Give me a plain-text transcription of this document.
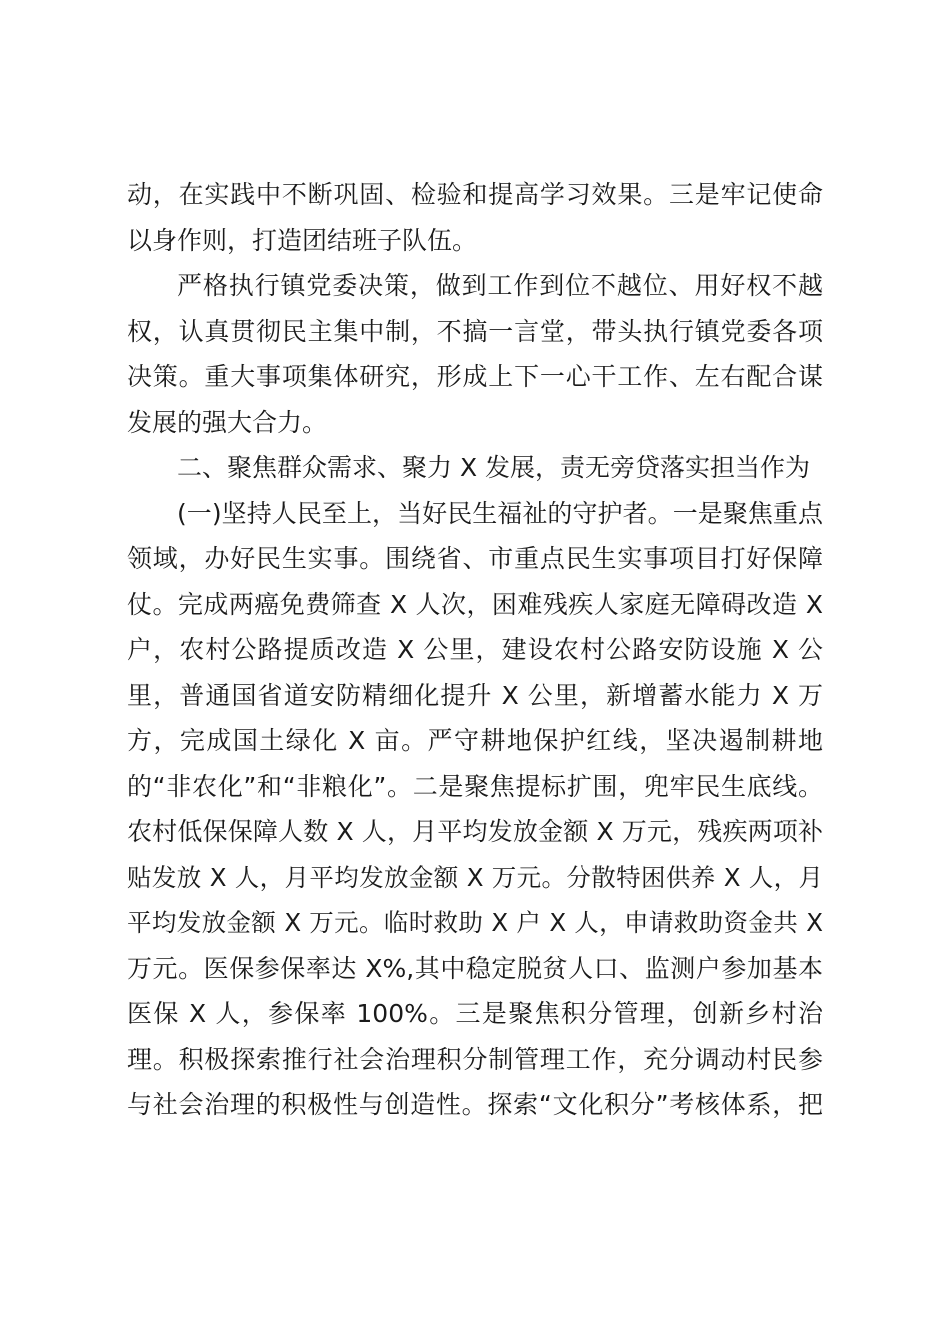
动，在实践中不断巩固、检验和提高学习效果。三是牢记使命
以身作则，打造团结班子队伍。
严格执行镇党委决策，做到工作到位不越位、用好权不越
权，认真贯彻民主集中制，不搞一言堂，带头执行镇党委各项
决策。重大事项集体研究，形成上下一心干工作、左右配合谋
发展的强大合力。
二、聚焦群众需求、聚力 X 发展，责无旁贷落实担当作为
(一)坚持人民至上，当好民生福祉的守护者。一是聚焦重点
领域，办好民生实事。围绕省、市重点民生实事项目打好保障
仗。完成两癌免费筛查 X 人次，困难残疾人家庭无障碍改造 X
户，农村公路提质改造 X 公里，建设农村公路安防设施 X 公
里，普通国省道安防精细化提升 X 公里，新增蓄水能力 X 万
方，完成国土绿化 X 亩。严守耕地保护红线，坚决遏制耕地
的“非农化”和“非粮化”。二是聚焦提标扩围，兜牢民生底线。
农村低保保障人数 X 人，月平均发放金额 X 万元，残疾两项补
贴发放 X 人，月平均发放金额 X 万元。分散特困供养 X 人，月
平均发放金额 X 万元。临时救助 X 户 X 人，申请救助资金共 X
万元。医保参保率达 X%,其中稳定脱贫人口、监测户参加基本
医保 X 人，参保率 100%。三是聚焦积分管理，创新乡村治
理。积极探索推行社会治理积分制管理工作，充分调动村民参
与社会治理的积极性与创造性。探索“文化积分”考核体系，把
